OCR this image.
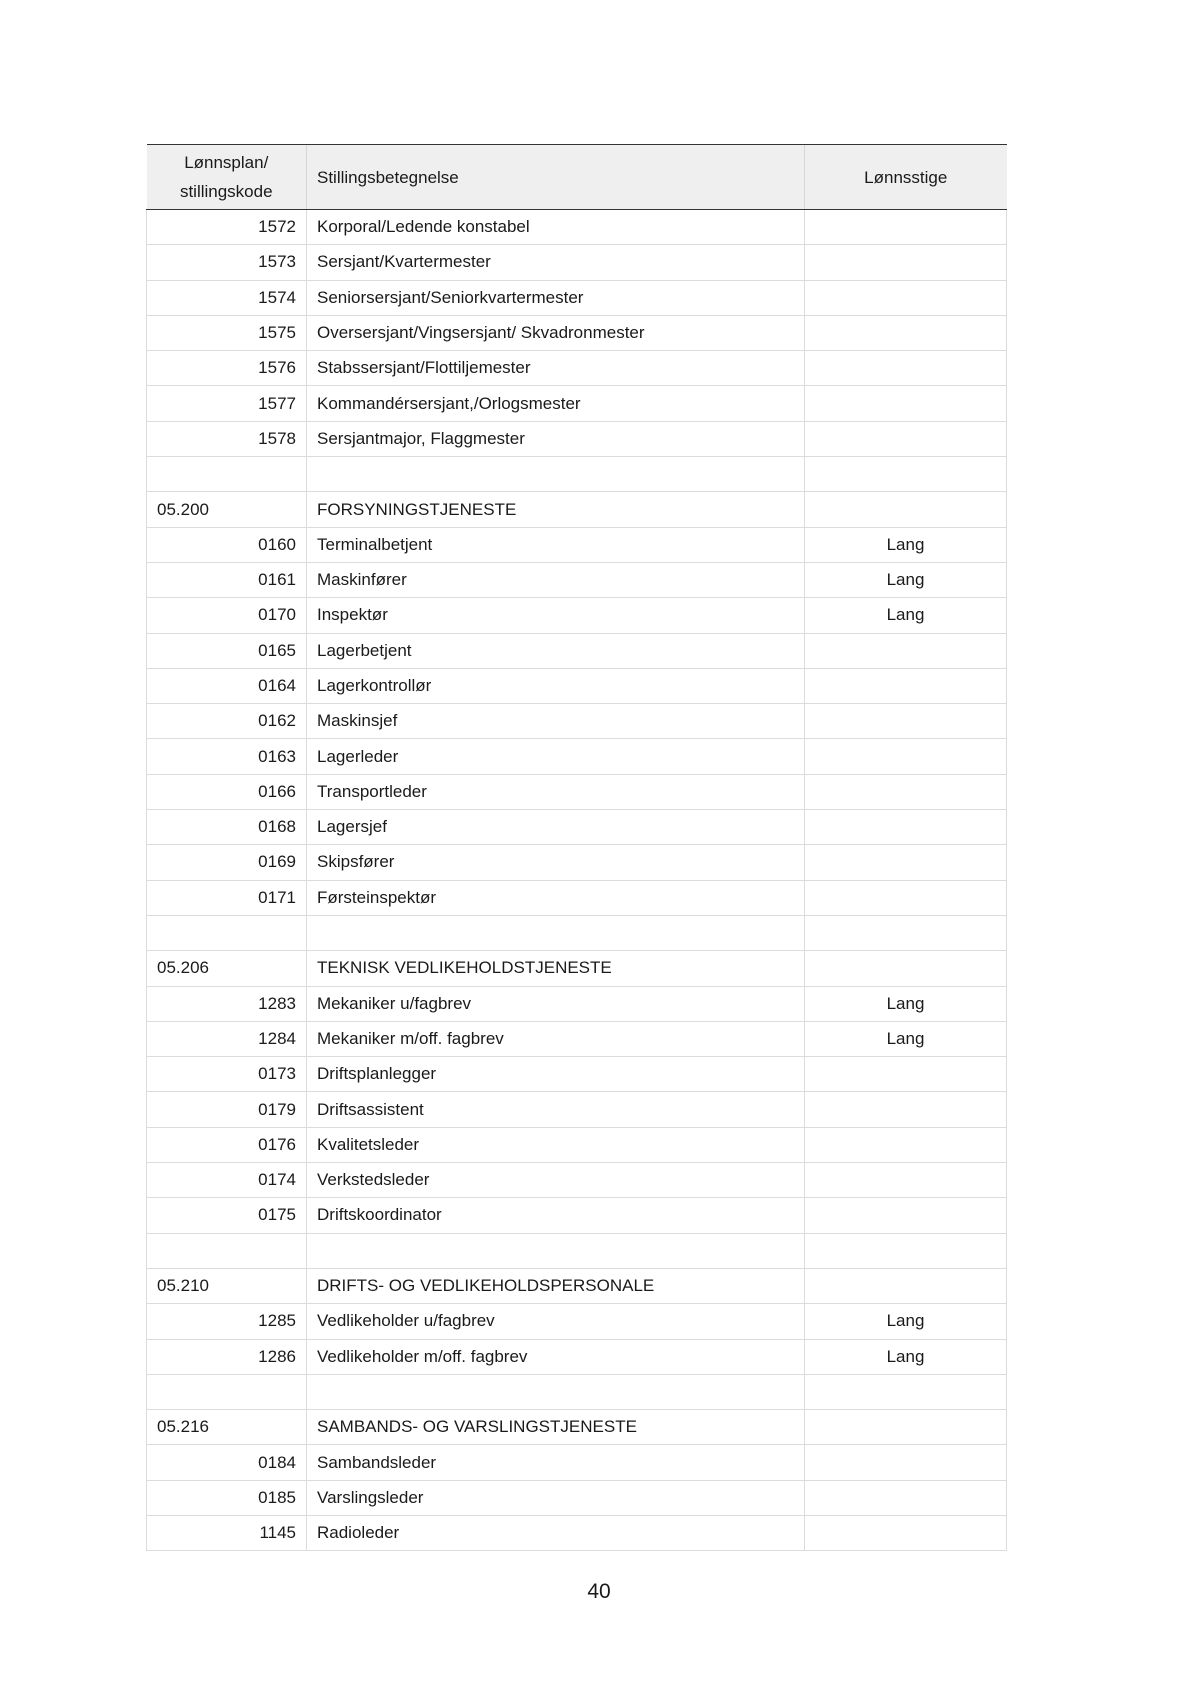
Lønnsplan/
stillingskode	Stillingsbetegnelse	Lønnsstige
1572	Korporal/Ledende konstabel	
1573	Sersjant/Kvartermester	
1574	Seniorsersjant/Seniorkvartermester	
1575	Oversersjant/Vingsersjant/ Skvadronmester	
1576	Stabssersjant/Flottiljemester	
1577	Kommandérsersjant,/Orlogsmester	
1578	Sersjantmajor, Flaggmester	

05.200	FORSYNINGSTJENESTE	
0160	Terminalbetjent	Lang
0161	Maskinfører	Lang
0170	Inspektør	Lang
0165	Lagerbetjent	
0164	Lagerkontrollør	
0162	Maskinsjef	
0163	Lagerleder	
0166	Transportleder	
0168	Lagersjef	
0169	Skipsfører	
0171	Førsteinspektør	

05.206	TEKNISK VEDLIKEHOLDSTJENESTE	
1283	Mekaniker u/fagbrev	Lang
1284	Mekaniker m/off. fagbrev	Lang
0173	Driftsplanlegger	
0179	Driftsassistent	
0176	Kvalitetsleder	
0174	Verkstedsleder	
0175	Driftskoordinator	

05.210	DRIFTS- OG VEDLIKEHOLDSPERSONALE	
1285	Vedlikeholder u/fagbrev	Lang
1286	Vedlikeholder m/off. fagbrev	Lang

05.216	SAMBANDS- OG VARSLINGSTJENESTE	
0184	Sambandsleder	
0185	Varslingsleder	
1145	Radioleder	
40
